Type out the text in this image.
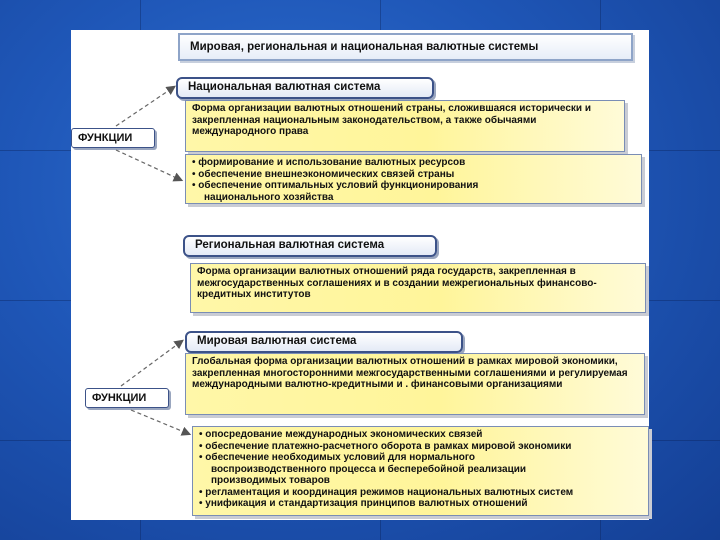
Мировая, региональная и национальная валютные системы
Национальная валютная система
Форма организации валютных отношений страны, сложившаяся исторически и закрепленная национальным законодательством, а также обычаями международного права
ФУНКЦИИ
• формирование и использование валютных ресурсов
• обеспечение внешнеэкономических связей страны
• обеспечение оптимальных условий функционирования
национального хозяйства
Региональная валютная система
Форма организации валютных отношений ряда государств, закрепленная в межгосударственных соглашениях и в создании межрегиональных финансово-кредитных институтов
Мировая валютная система
Глобальная форма организации валютных отношений в рамках мировой экономики, закрепленная многосторонними межгосударственными соглашениями и регулируемая международными валютно-кредитными и . финансовыми организациями
ФУНКЦИИ
• опосредование международных экономических связей
• обеспечение платежно-расчетного оборота в рамках мировой экономики
• обеспечение необходимых условий для нормального
воспроизводственного процесса и бесперебойной реализации
производимых товаров
• регламентация и координация режимов национальных валютных систем
• унификация и стандартизация принципов валютных отношений
